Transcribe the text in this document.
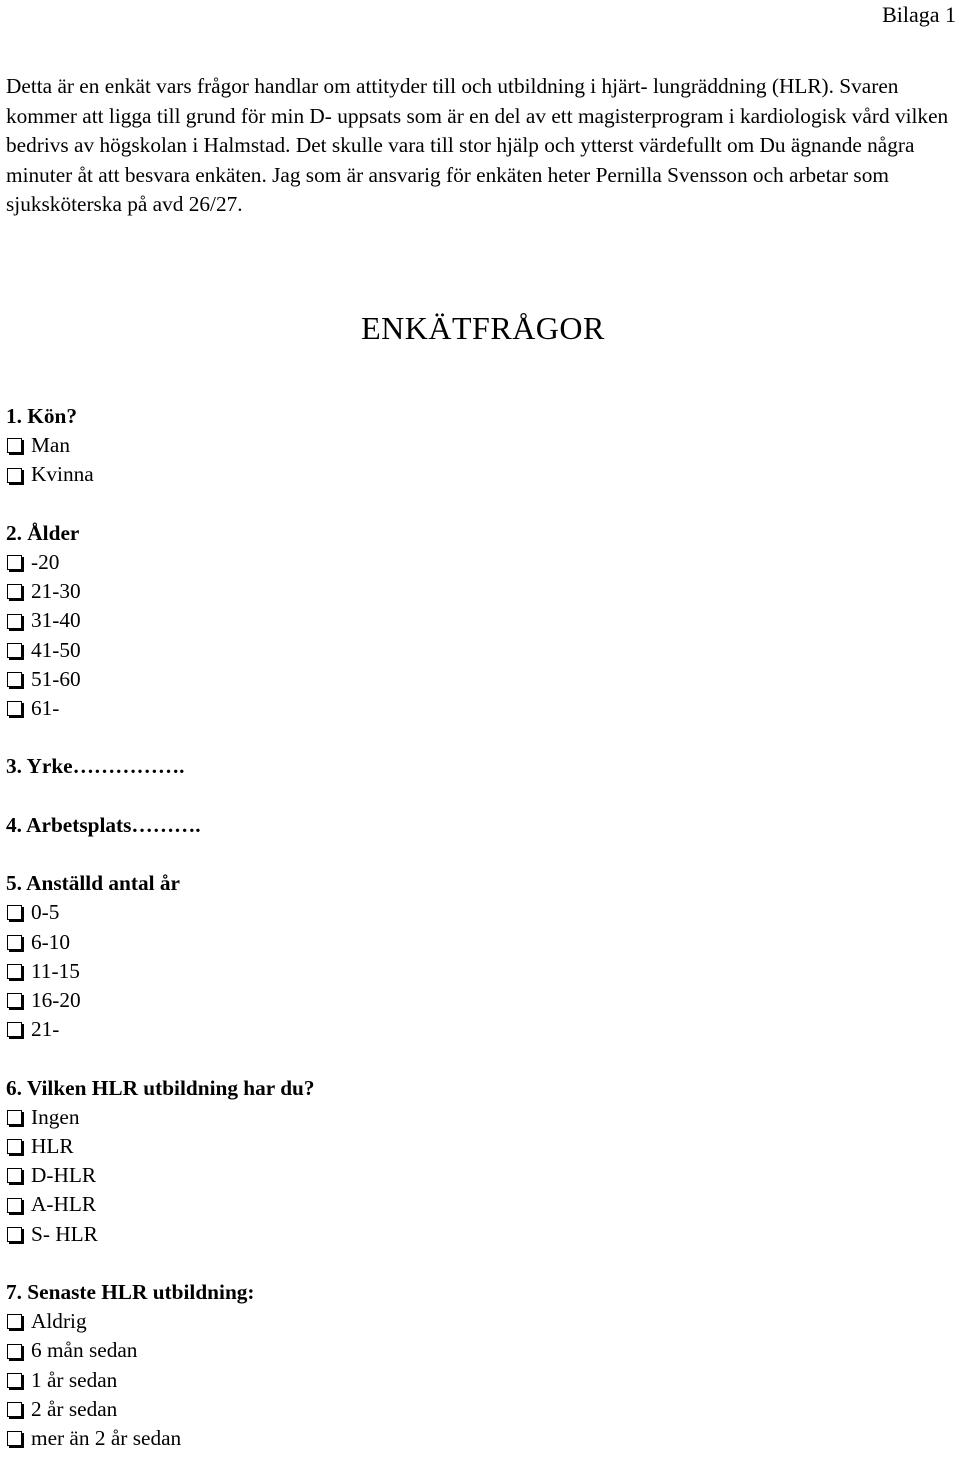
Bilaga 1

Detta är en enkät vars frågor handlar om attityder till och utbildning i hjärt- lungräddning (HLR). Svaren kommer att ligga till grund för min D- uppsats som är en del av ett magisterprogram i kardiologisk vård vilken bedrivs av högskolan i Halmstad. Det skulle vara till stor hjälp och ytterst värdefullt om Du ägnande några minuter åt att besvara enkäten. Jag som är ansvarig för enkäten heter Pernilla Svensson och arbetar som sjuksköterska på avd 26/27.

ENKÄTFRÅGOR

1. Kön?

Man
Kvinna

2. Ålder

-20
21-30
31-40
41-50
51-60
61-

3. Yrke…………….

4. Arbetsplats……….

5. Anställd antal år

0-5
6-10
11-15
16-20
21-

6. Vilken HLR utbildning har du?

Ingen
HLR
D-HLR
A-HLR
S- HLR

7. Senaste HLR utbildning:

Aldrig
6 mån sedan
1 år sedan
2 år sedan
mer än 2 år sedan
